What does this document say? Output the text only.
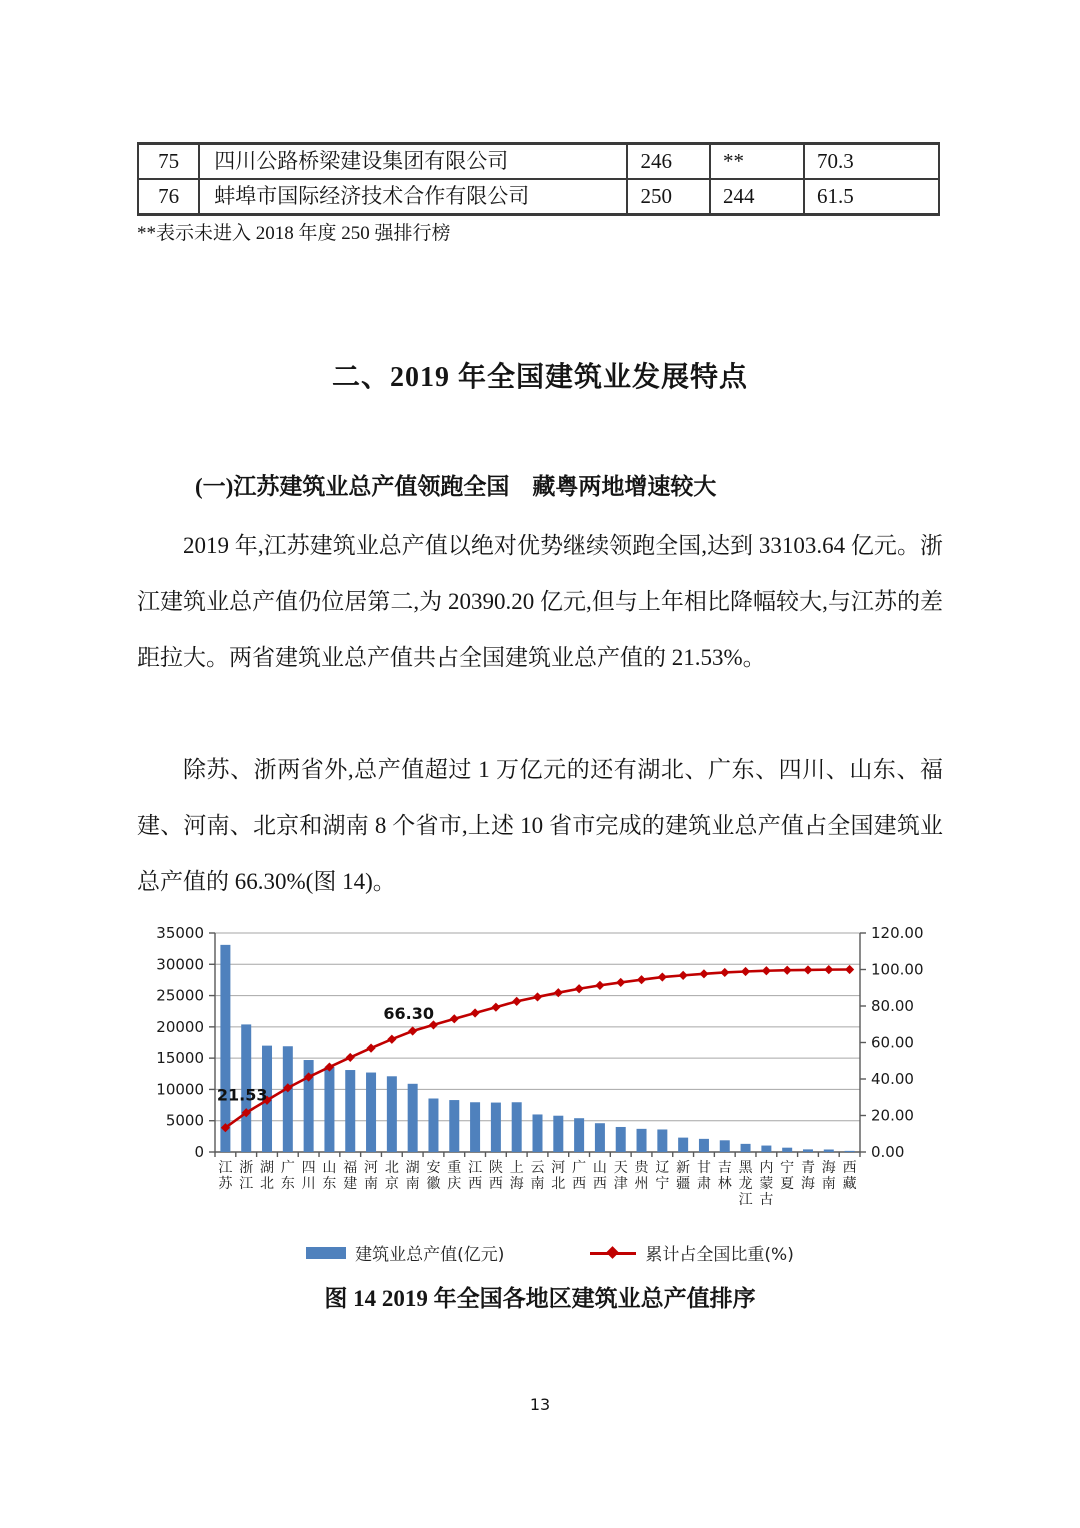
75	四川公路桥梁建设集团有限公司	246	**	70.3
76	蚌埠市国际经济技术合作有限公司	250	244	61.5
**表示未进入 2018 年度 250 强排行榜
二、2019 年全国建筑业发展特点
(一)江苏建筑业总产值领跑全国　藏粤两地增速较大
2019 年,江苏建筑业总产值以绝对优势继续领跑全国,达到 33103.64 亿元。浙江建筑业总产值仍位居第二,为 20390.20 亿元,但与上年相比降幅较大,与江苏的差距拉大。两省建筑业总产值共占全国建筑业总产值的 21.53%。
除苏、浙两省外,总产值超过 1 万亿元的还有湖北、广东、四川、山东、福建、河南、北京和湖南 8 个省市,上述 10 省市完成的建筑业总产值占全国建筑业总产值的 66.30%(图 14)。
0
5000
10000
15000
20000
25000
30000
35000
0.00
20.00
40.00
60.00
80.00
100.00
120.00
21.53
66.30
江苏
浙江
湖北
广东
四川
山东
福建
河南
北京
湖南
安徽
重庆
江西
陕西
上海
云南
河北
广西
山西
天津
贵州
辽宁
新疆
甘肃
吉林
黑龙江
内蒙古
宁夏
青海
海南
西藏
建筑业总产值(亿元)	累计占全国比重(%)
图 14 2019 年全国各地区建筑业总产值排序
13
